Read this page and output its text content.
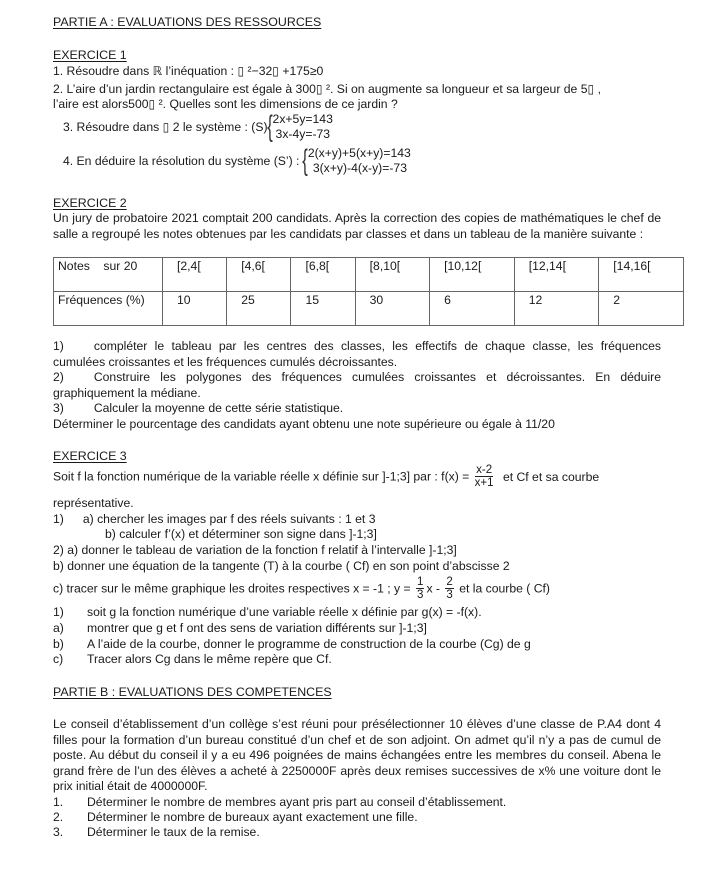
PARTIE A : EVALUATIONS DES RESSOURCES
EXERCICE 1
1. Résoudre dans ℝ l’inéquation : ▯ ²−32▯ +175≥0
2. L’aire d’un jardin rectangulaire est égale à 300▯ ². Si on augmente sa longueur et sa largeur de 5▯ ,
l’aire est alors500▯ ². Quelles sont les dimensions de ce jardin ?
3. Résoudre dans ▯ 2 le système : (S) { 2x+5y=143
3x-4y=-73
4. En déduire la résolution du système (S’) : { 2(x+y)+5(x+y)=143
3(x+y)-4(x-y)=-73
EXERCICE 2
Un jury de probatoire 2021 comptait 200 candidats. Après la correction des copies de mathématiques le chef de salle a regroupé les notes obtenues par les candidats par classes et dans un tableau de la manière suivante :
Notes    sur 20	[2,4[	[4,6[	[6,8[	[8,10[	[10,12[	[12,14[	[14,16[
Fréquences (%)	10	25	15	30	6	12	2
1) compléter le tableau par les centres des classes, les effectifs de chaque classe, les fréquences cumulées croissantes et les fréquences cumulés décroissantes.
2) Construire les polygones des fréquences cumulées croissantes et décroissantes. En déduire graphiquement la médiane.
3) Calculer la moyenne de cette série statistique.
Déterminer le pourcentage des candidats ayant obtenu une note supérieure ou égale à 11/20
EXERCICE 3
Soit f la fonction numérique de la variable réelle x définie sur ]-1;3] par : $f(x) = \frac{x-2}{x+1}$ et Cf et sa courbe
représentative.
1) a) chercher les images par f des réels suivants : 1 et 3
b) calculer f’(x) et déterminer son signe dans ]-1;3]
2) a) donner le tableau de variation de la fonction f relatif à l’intervalle ]-1;3]
b) donner une équation de la tangente (T) à la courbe ( Cf) en son point d’abscisse 2
c) tracer sur le même graphique les droites respectives x = -1 ; $y = \frac{1}{3}$ x - $\frac{2}{3}$ et la courbe ( Cf)
1) soit g la fonction numérique d’une variable réelle x définie par g(x) = -f(x).
a) montrer que g et f ont des sens de variation différents sur ]-1;3]
b) A l’aide de la courbe, donner le programme de construction de la courbe (Cg) de g
c) Tracer alors Cg dans le même repère que Cf.
PARTIE B : EVALUATIONS DES COMPETENCES
Le conseil d’établissement d’un collège s’est réuni pour présélectionner 10 élèves d’une classe de P.A4 dont 4 filles pour la formation d’un bureau constitué d’un chef et de son adjoint. On admet qu’il n’y a pas de cumul de poste. Au début du conseil il y a eu 496 poignées de mains échangées entre les membres du conseil. Abena le grand frère de l’un des élèves a acheté à 2250000F après deux remises successives de x% une voiture dont le prix initial était de 4000000F.
1. Déterminer le nombre de membres ayant pris part au conseil d’établissement.
2. Déterminer le nombre de bureaux ayant exactement une fille.
3. Déterminer le taux de la remise.
